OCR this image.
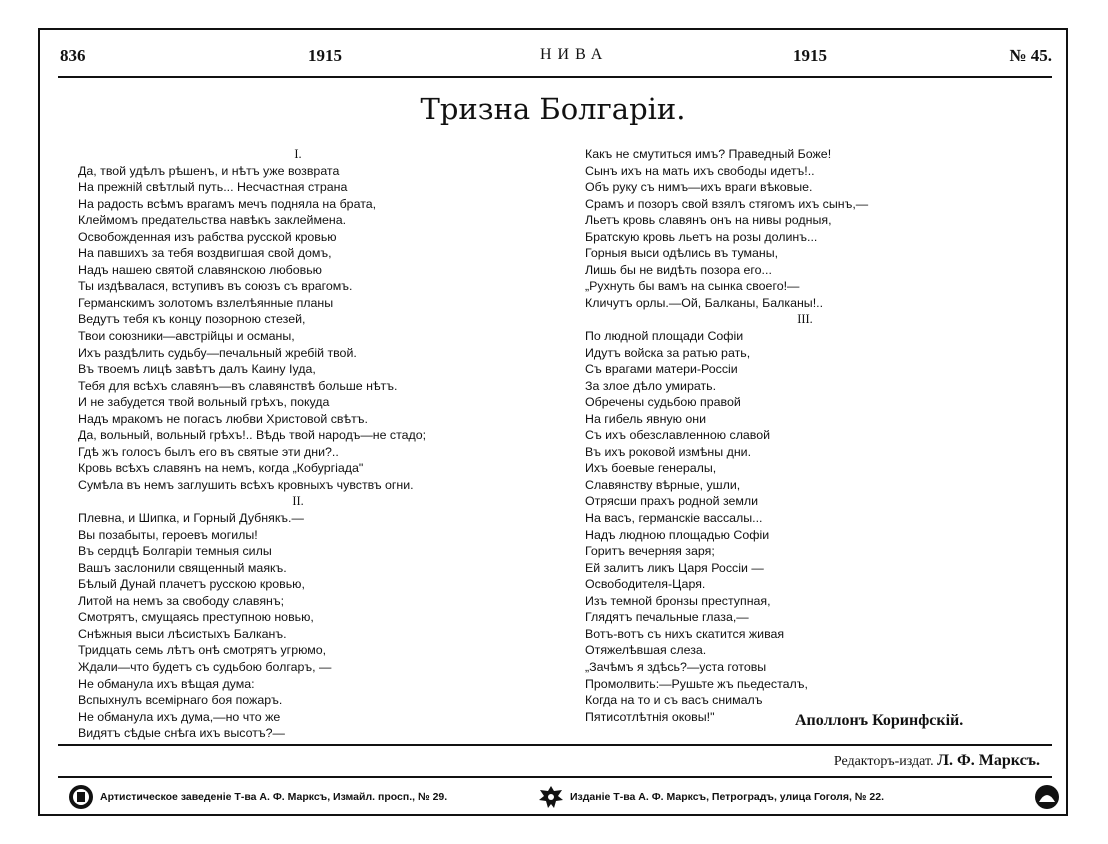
836	1915	НИВА	1915	№ 45.
Тризна Болгаріи.
I.
Да, твой удѣлъ рѣшенъ, и нѣтъ уже возврата
На прежній свѣтлый путь... Несчастная страна
На радость всѣмъ врагамъ мечъ подняла на брата,
Клеймомъ предательства навѣкъ заклеймена.
Освобожденная изъ рабства русской кровью
На павшихъ за тебя воздвигшая свой домъ,
Надъ нашею святой славянскою любовью
Ты издѣвалася, вступивъ въ союзъ съ врагомъ.
Германскимъ золотомъ взлелѣянные планы
Ведутъ тебя къ концу позорною стезей,
Твои союзники—австрійцы и османы,
Ихъ раздѣлить судьбу—печальный жребій твой.
Въ твоемъ лицѣ завѣтъ далъ Каину Іуда,
Тебя для всѣхъ славянъ—въ славянствѣ больше нѣтъ.
И не забудется твой вольный грѣхъ, покуда
Надъ мракомъ не погасъ любви Христовой свѣтъ.
Да, вольный, вольный грѣхъ!.. Вѣдь твой народъ—не стадо;
Гдѣ жъ голосъ былъ его въ святые эти дни?..
Кровь всѣхъ славянъ на немъ, когда „Кобургіада"
Сумѣла въ немъ заглушить всѣхъ кровныхъ чувствъ огни.
II.
Плевна, и Шипка, и Горный Дубнякъ.—
Вы позабыты, героевъ могилы!
Въ сердцѣ Болгаріи темныя силы
Вашъ заслонили священный маякъ.
Бѣлый Дунай плачетъ русскою кровью,
Литой на немъ за свободу славянъ;
Смотрятъ, смущаясь преступною новью,
Снѣжныя выси лѣсистыхъ Балканъ.
Тридцать семь лѣтъ онѣ смотрятъ угрюмо,
Ждали—что будетъ съ судьбою болгаръ, —
Не обманула ихъ вѣщая дума:
Вспыхнулъ всемірнаго боя пожаръ.
Не обманула ихъ дума,—но что же
Видятъ сѣдые снѣга ихъ высотъ?—
Какъ не смутиться имъ? Праведный Боже!
Сынъ ихъ на мать ихъ свободы идетъ!..
Объ руку съ нимъ—ихъ враги вѣковые.
Срамъ и позоръ свой взялъ стягомъ ихъ сынъ,—
Льетъ кровь славянъ онъ на нивы родныя,
Братскую кровь льетъ на розы долинъ...
Горныя выси одѣлись въ туманы,
Лишь бы не видѣть позора его...
„Рухнуть бы вамъ на сынка своего!—
Кличутъ орлы.—Ой, Балканы, Балканы!..
III.
По людной площади Софіи
Идутъ войска за ратью рать,
Съ врагами матери-Россіи
За злое дѣло умирать.
Обречены судьбою правой
На гибель явную они
Съ ихъ обезславленною славой
Въ ихъ роковой измѣны дни.
Ихъ боевые генералы,
Славянству вѣрные, ушли,
Отрясши прахъ родной земли
На васъ, германскіе вассалы...
Надъ людною площадью Софіи
Горитъ вечерняя заря;
Ей залитъ ликъ Царя Россіи —
Освободителя-Царя.
Изъ темной бронзы преступная,
Глядятъ печальные глаза,—
Вотъ-вотъ съ нихъ скатится живая
Отяжелѣвшая слеза.
„Зачѣмъ я здѣсь?—уста готовы
Промолвить:—Рушьте жъ пьедесталъ,
Когда на то и съ васъ снималъ
Пятисотлѣтнія оковы!"	Аполлонъ Коринфскій.
Редакторъ-издат. Л. Ф. Марксъ.
Артистическое заведеніе Т-ва А. Ф. Марксъ, Измайл. просп., № 29.	Изданіе Т-ва А. Ф. Марксъ, Петроградъ, улица Гоголя, № 22.
